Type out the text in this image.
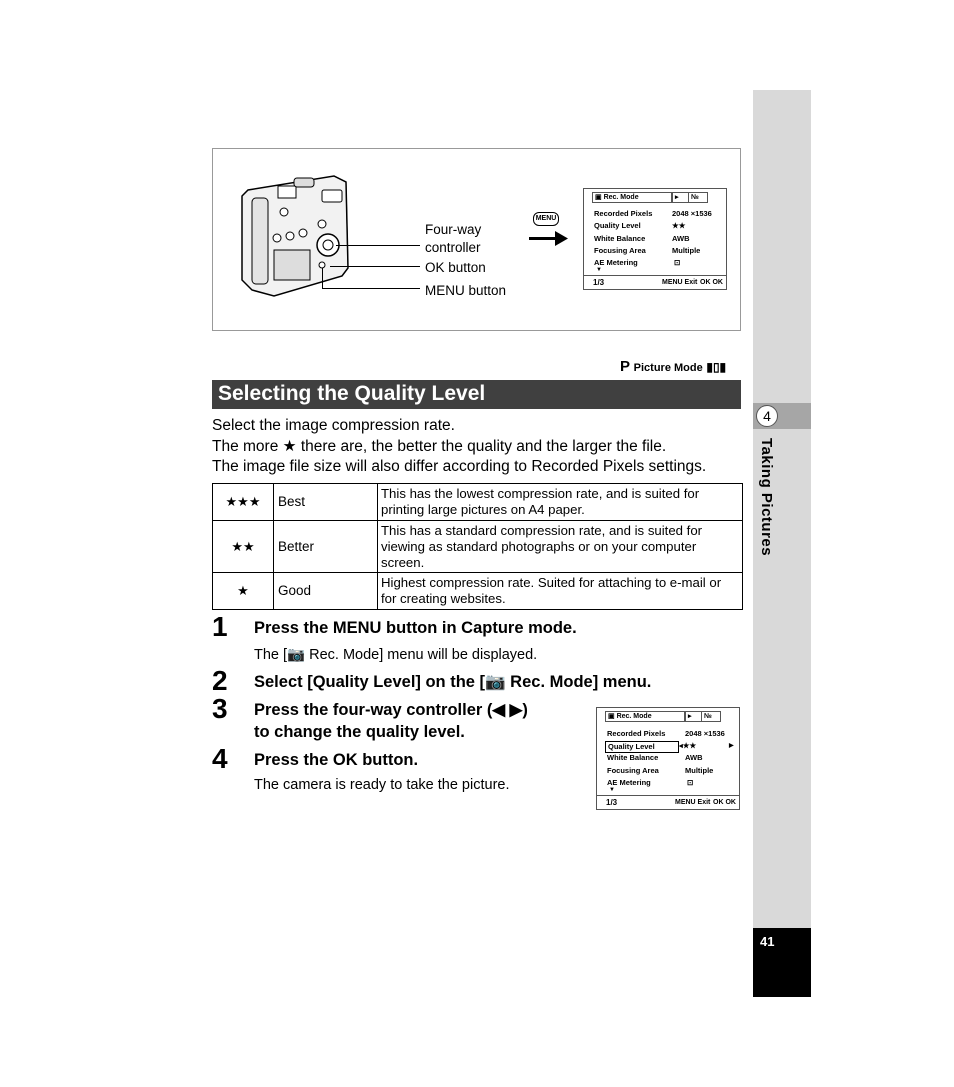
4
Taking Pictures
41
Four-way
controller
OK button
MENU button
MENU
▣ Rec. Mode	▸	№
Recorded Pixels	2048 ×1536
Quality Level	★★
White Balance	AWB
Focusing Area	Multiple
AE Metering	⊡
▼
1/3	MENU Exit OK OK
P Picture Mode ▮▯▮
Selecting the Quality Level
Select the image compression rate.
The more ★ there are, the better the quality and the larger the file.
The image file size will also differ according to Recorded Pixels settings.
★★★	Best	This has the lowest compression rate, and is suited for printing large pictures on A4 paper.
★★	Better	This has a standard compression rate, and is suited for viewing as standard photographs or on your computer screen.
★	Good	Highest compression rate. Suited for attaching to e-mail or for creating websites.
1 Press the MENU button in Capture mode.
The [📷 Rec. Mode] menu will be displayed.
2 Select [Quality Level] on the [📷 Rec. Mode] menu.
3 Press the four-way controller (◀ ▶)
to change the quality level.
4 Press the OK button.
The camera is ready to take the picture.
▣ Rec. Mode	▸	№
Recorded Pixels	2048 ×1536
Quality Level	◂★★	▶
White Balance	AWB
Focusing Area	Multiple
AE Metering	⊡
▼
1/3	MENU Exit OK OK
